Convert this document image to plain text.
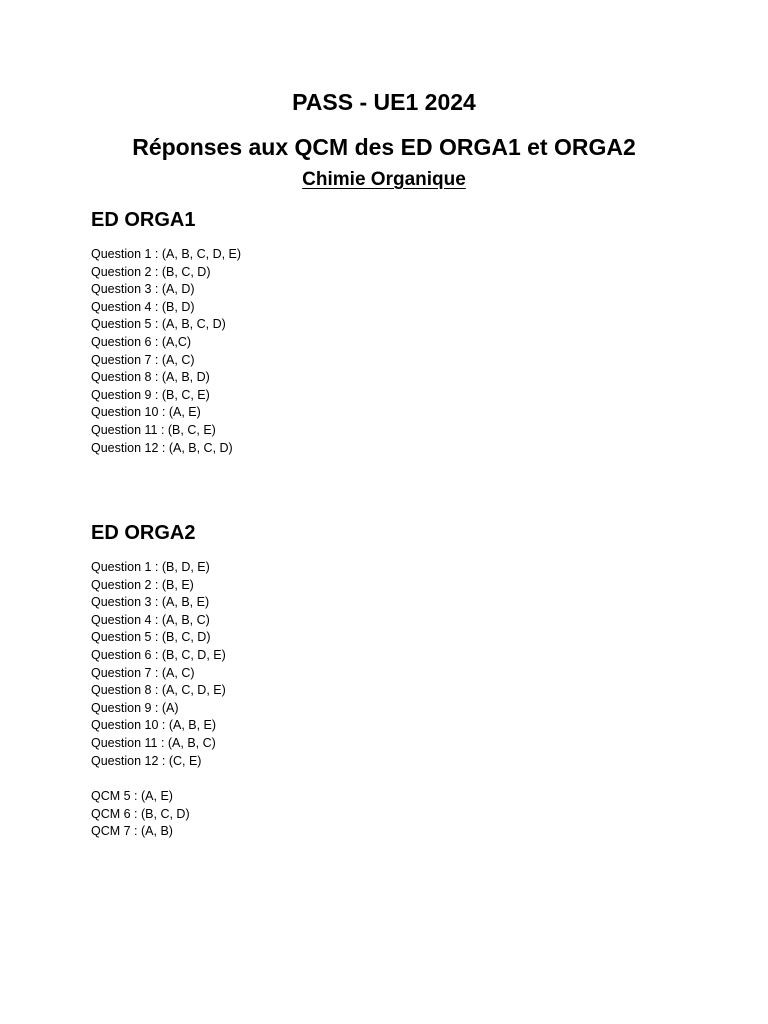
PASS - UE1 2024
Réponses aux QCM des ED ORGA1 et ORGA2
Chimie Organique
ED ORGA1
Question 1 : (A, B, C, D, E)
Question 2 : (B, C, D)
Question 3 : (A, D)
Question 4 : (B, D)
Question 5 : (A, B, C, D)
Question 6 : (A,C)
Question 7 : (A, C)
Question 8 : (A, B, D)
Question 9 : (B, C, E)
Question 10 : (A, E)
Question 11 : (B, C, E)
Question 12 : (A, B, C, D)
ED ORGA2
Question 1 : (B, D, E)
Question 2 : (B, E)
Question 3 : (A, B, E)
Question 4 : (A, B, C)
Question 5 : (B, C, D)
Question 6 : (B, C, D, E)
Question 7 : (A, C)
Question 8 : (A, C, D, E)
Question 9 : (A)
Question 10 : (A, B, E)
Question 11 : (A, B, C)
Question 12 : (C, E)
QCM 5 : (A, E)
QCM 6 : (B, C, D)
QCM 7 : (A, B)
